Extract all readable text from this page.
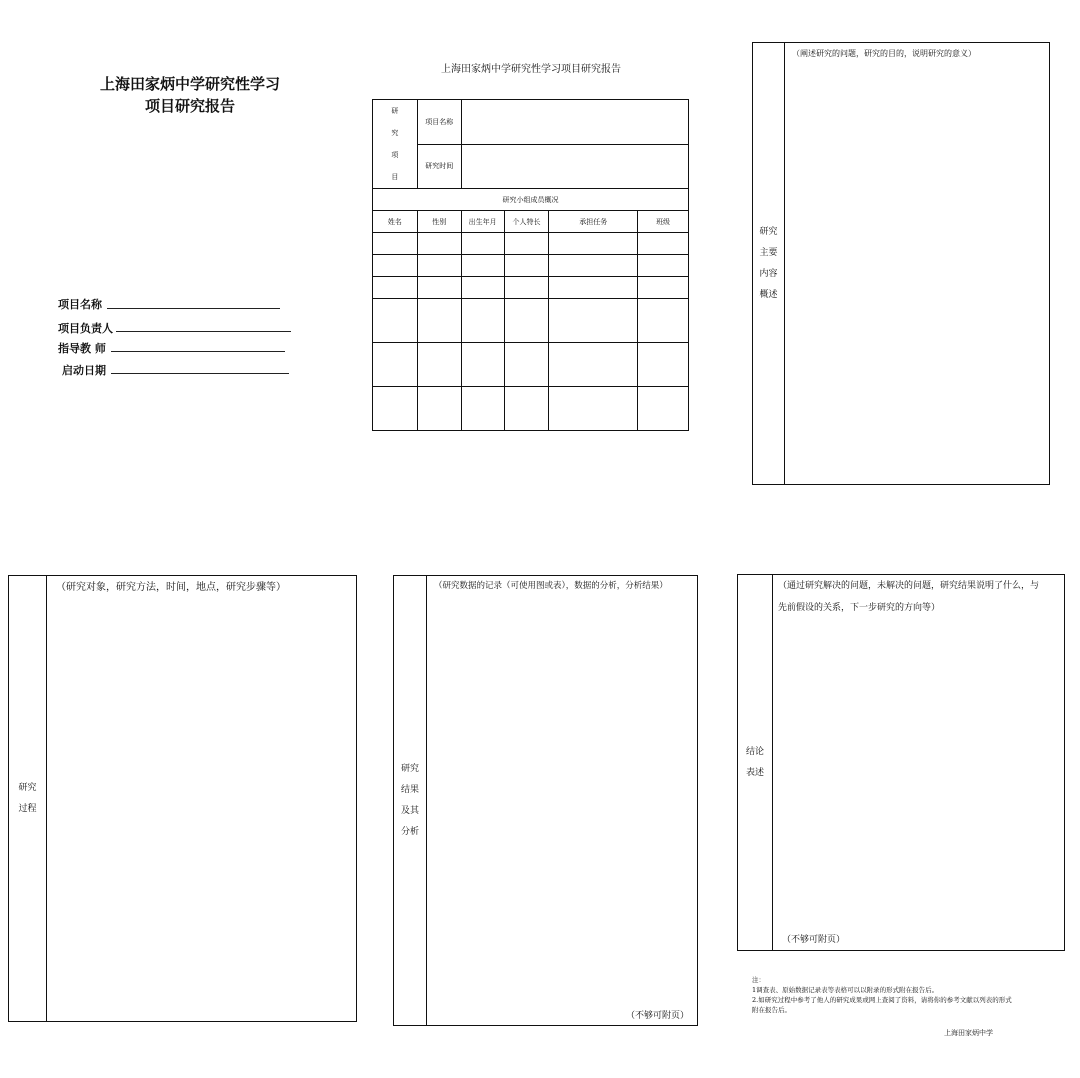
上海田家炳中学研究性学习
项目研究报告
项目名称
项目负责人
指导教 师
启动日期
上海田家炳中学研究性学习项目研究报告
研
究
项
目	项目名称				
	研究时间				
研究小组成员概况					
姓名	性别	出生年月	个人特长	承担任务	班级

研究
主要
内容
概述
（阐述研究的问题，研究的目的，说明研究的意义）
研究
过程
（研究对象，研究方法，时间，地点，研究步骤等）
研究
结果
及其
分析
（研究数据的记录（可使用图或表），数据的分析，分析结果）
（不够可附页）
结论
表述
（通过研究解决的问题，未解决的问题，研究结果说明了什么，与
先前假设的关系，下一步研究的方向等）
（不够可附页）
注：
1调查表、原始数据记录表等表格可以以附录的形式附在报告后。
2.如研究过程中参考了他人的研究成果或网上查阅了资料，请将你的参考文献以列表的形式
附在报告后。
上海田家炳中学
